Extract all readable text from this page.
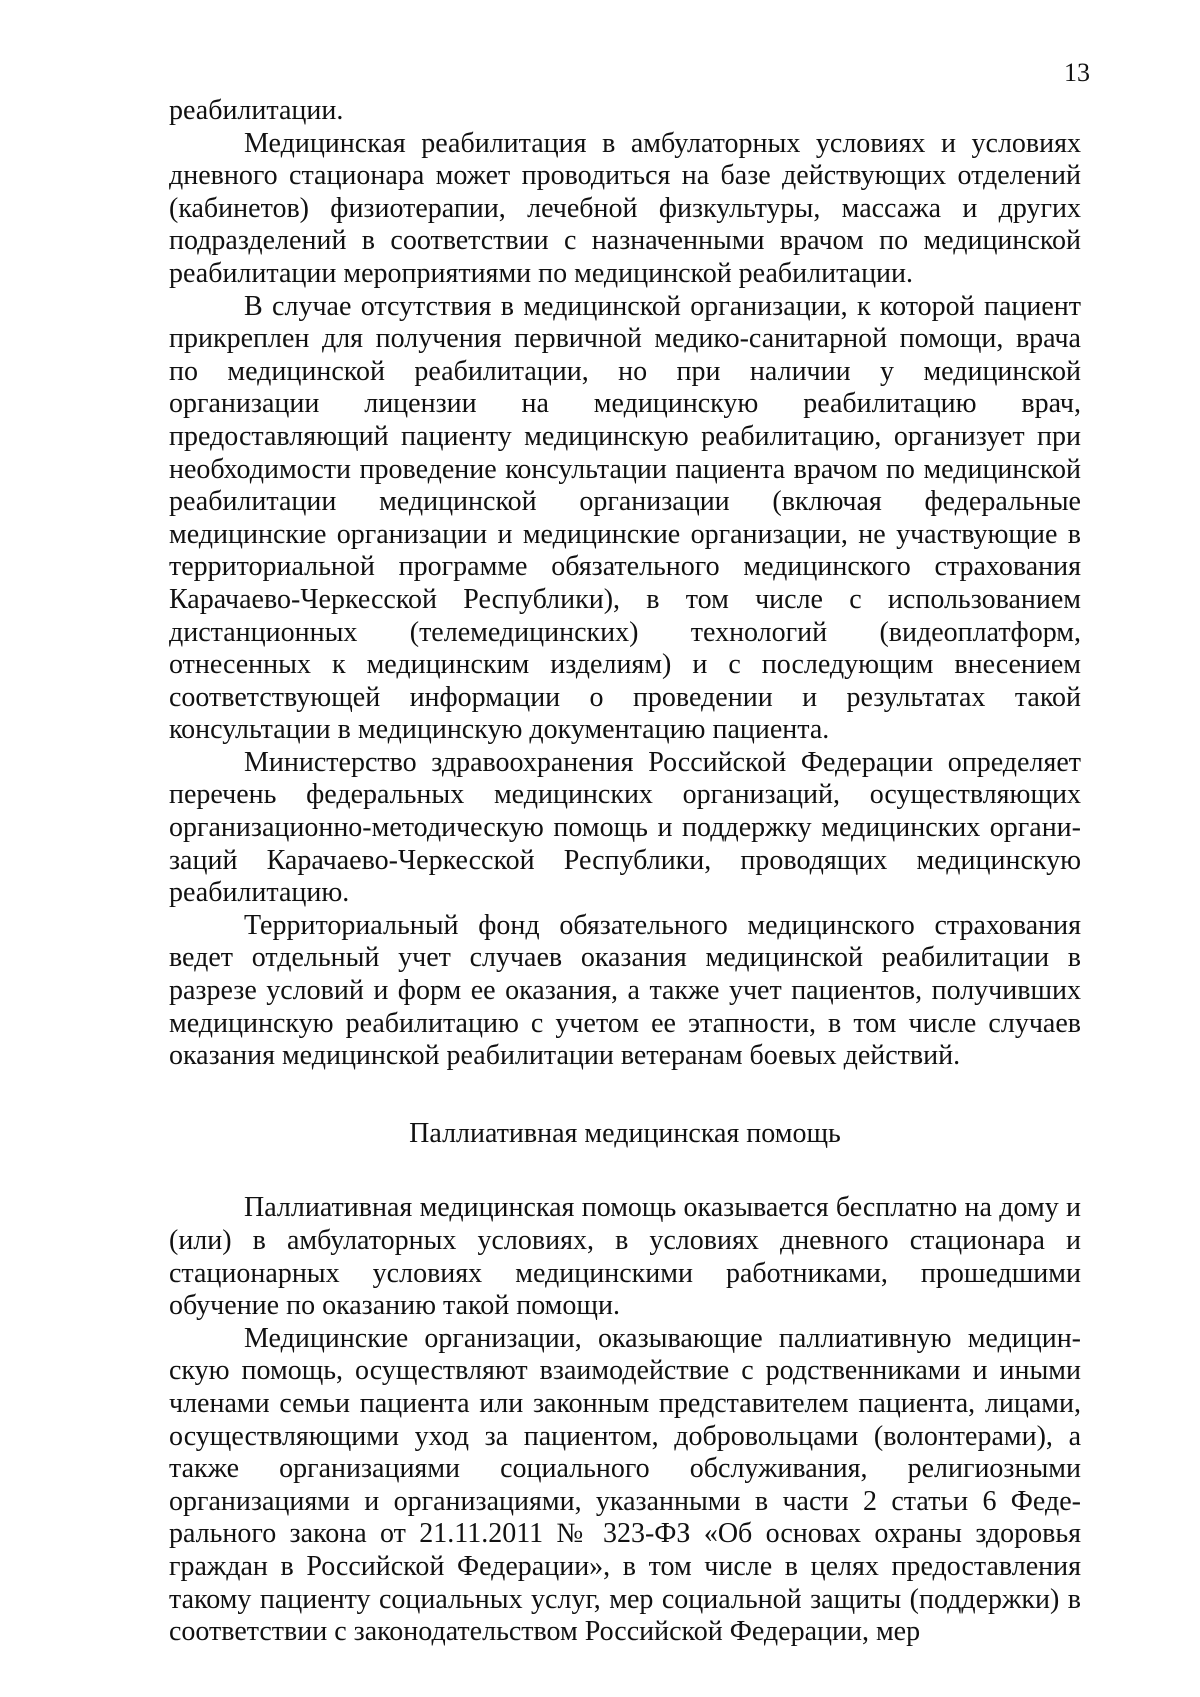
13

реабилитации.

Медицинская реабилитация в амбулаторных условиях и условиях дневного стационара может проводиться на базе действующих отделений (кабинетов) физиотерапии, лечебной физкультуры, массажа и других подразделений в соответствии с назначенными врачом по медицинской реабилитации мероприятиями по медицинской реабилитации.

В случае отсутствия в медицинской организации, к которой пациент прикреплен для получения первичной медико-санитарной помощи, врача по медицинской реабилитации, но при наличии у медицинской организации лицензии на медицинскую реабилитацию врач, предоставляющий пациенту медицинскую реабилитацию, организует при необходимости проведение консультации пациента врачом по медицинской реабилитации медицинской организации (включая федеральные медицинские организации и медицинские организации, не участвующие в территориальной программе обязательного медицинского страхования Карачаево-Черкесской Республики), в том числе с использованием дистанционных (телемедицинских) технологий (видеоплатформ, отнесенных к медицинским изделиям) и с последующим внесением соответствующей информации о проведении и результатах такой консультации в медицинскую документацию пациента.

Министерство здравоохранения Российской Федерации определяет перечень федеральных медицинских организаций, осуществляющих организационно-методическую помощь и поддержку медицинских организаций Карачаево-Черкесской Республики, проводящих медицинскую реабилитацию.

Территориальный фонд обязательного медицинского страхования ведет отдельный учет случаев оказания медицинской реабилитации в разрезе условий и форм ее оказания, а также учет пациентов, получивших медицинскую реабилитацию с учетом ее этапности, в том числе случаев оказания медицинской реабилитации ветеранам боевых действий.

Паллиативная медицинская помощь

Паллиативная медицинская помощь оказывается бесплатно на дому и (или) в амбулаторных условиях, в условиях дневного стационара и стационарных условиях медицинскими работниками, прошедшими обучение по оказанию такой помощи.

Медицинские организации, оказывающие паллиативную медицинскую помощь, осуществляют взаимодействие с родственниками и иными членами семьи пациента или законным представителем пациента, лицами, осуществляющими уход за пациентом, добровольцами (волонтерами), а также организациями социального обслуживания, религиозными организациями и организациями, указанными в части 2 статьи 6 Федерального закона от 21.11.2011 № 323-ФЗ «Об основах охраны здоровья граждан в Российской Федерации», в том числе в целях предоставления такому пациенту социальных услуг, мер социальной защиты (поддержки) в соответствии с законодательством Российской Федерации, мер
